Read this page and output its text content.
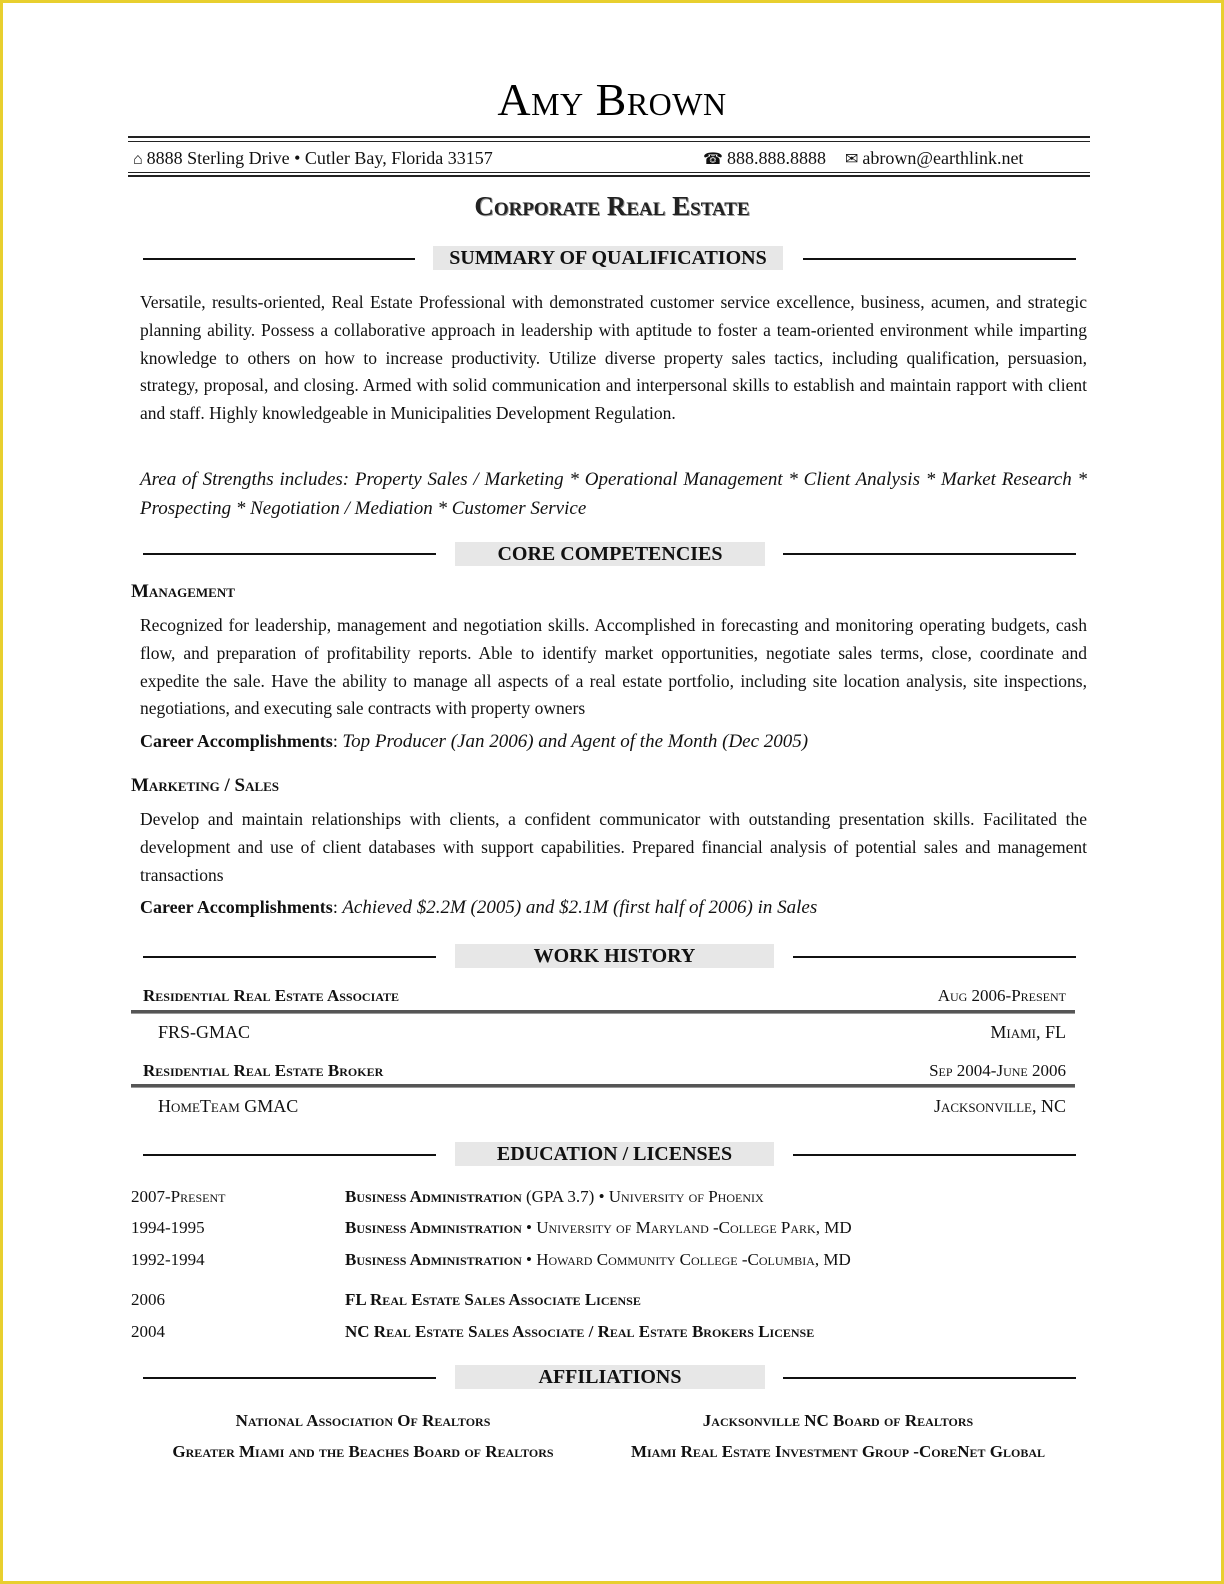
Amy Brown
⌂ 8888 Sterling Drive • Cutler Bay, Florida 33157	☎ 888.888.8888 ✉ abrown@earthlink.net
Corporate Real Estate
SUMMARY OF QUALIFICATIONS
Versatile, results-oriented, Real Estate Professional with demonstrated customer service excellence, business, acumen, and strategic planning ability. Possess a collaborative approach in leadership with aptitude to foster a team-oriented environment while imparting knowledge to others on how to increase productivity. Utilize diverse property sales tactics, including qualification, persuasion, strategy, proposal, and closing. Armed with solid communication and interpersonal skills to establish and maintain rapport with client and staff. Highly knowledgeable in Municipalities Development Regulation.
Area of Strengths includes: Property Sales / Marketing * Operational Management * Client Analysis * Market Research * Prospecting * Negotiation / Mediation * Customer Service
CORE COMPETENCIES
Management
Recognized for leadership, management and negotiation skills. Accomplished in forecasting and monitoring operating budgets, cash flow, and preparation of profitability reports. Able to identify market opportunities, negotiate sales terms, close, coordinate and expedite the sale. Have the ability to manage all aspects of a real estate portfolio, including site location analysis, site inspections, negotiations, and executing sale contracts with property owners
Career Accomplishments: Top Producer (Jan 2006) and Agent of the Month (Dec 2005)
Marketing / Sales
Develop and maintain relationships with clients, a confident communicator with outstanding presentation skills. Facilitated the development and use of client databases with support capabilities. Prepared financial analysis of potential sales and management transactions
Career Accomplishments: Achieved $2.2M (2005) and $2.1M (first half of 2006) in Sales
WORK HISTORY
Residential Real Estate Associate	Aug 2006-Present
FRS-GMAC	Miami, FL
Residential Real Estate Broker	Sep 2004-June 2006
HomeTeam GMAC	Jacksonville, NC
EDUCATION / LICENSES
2007-Present	Business Administration (GPA 3.7) • University of Phoenix
1994-1995	Business Administration • University of Maryland -College Park, MD
1992-1994	Business Administration • Howard Community College -Columbia, MD
2006	FL Real Estate Sales Associate License
2004	NC Real Estate Sales Associate / Real Estate Brokers License
AFFILIATIONS
National Association Of Realtors	Jacksonville NC Board of Realtors
Greater Miami and the Beaches Board of Realtors	Miami Real Estate Investment Group -CoreNet Global
